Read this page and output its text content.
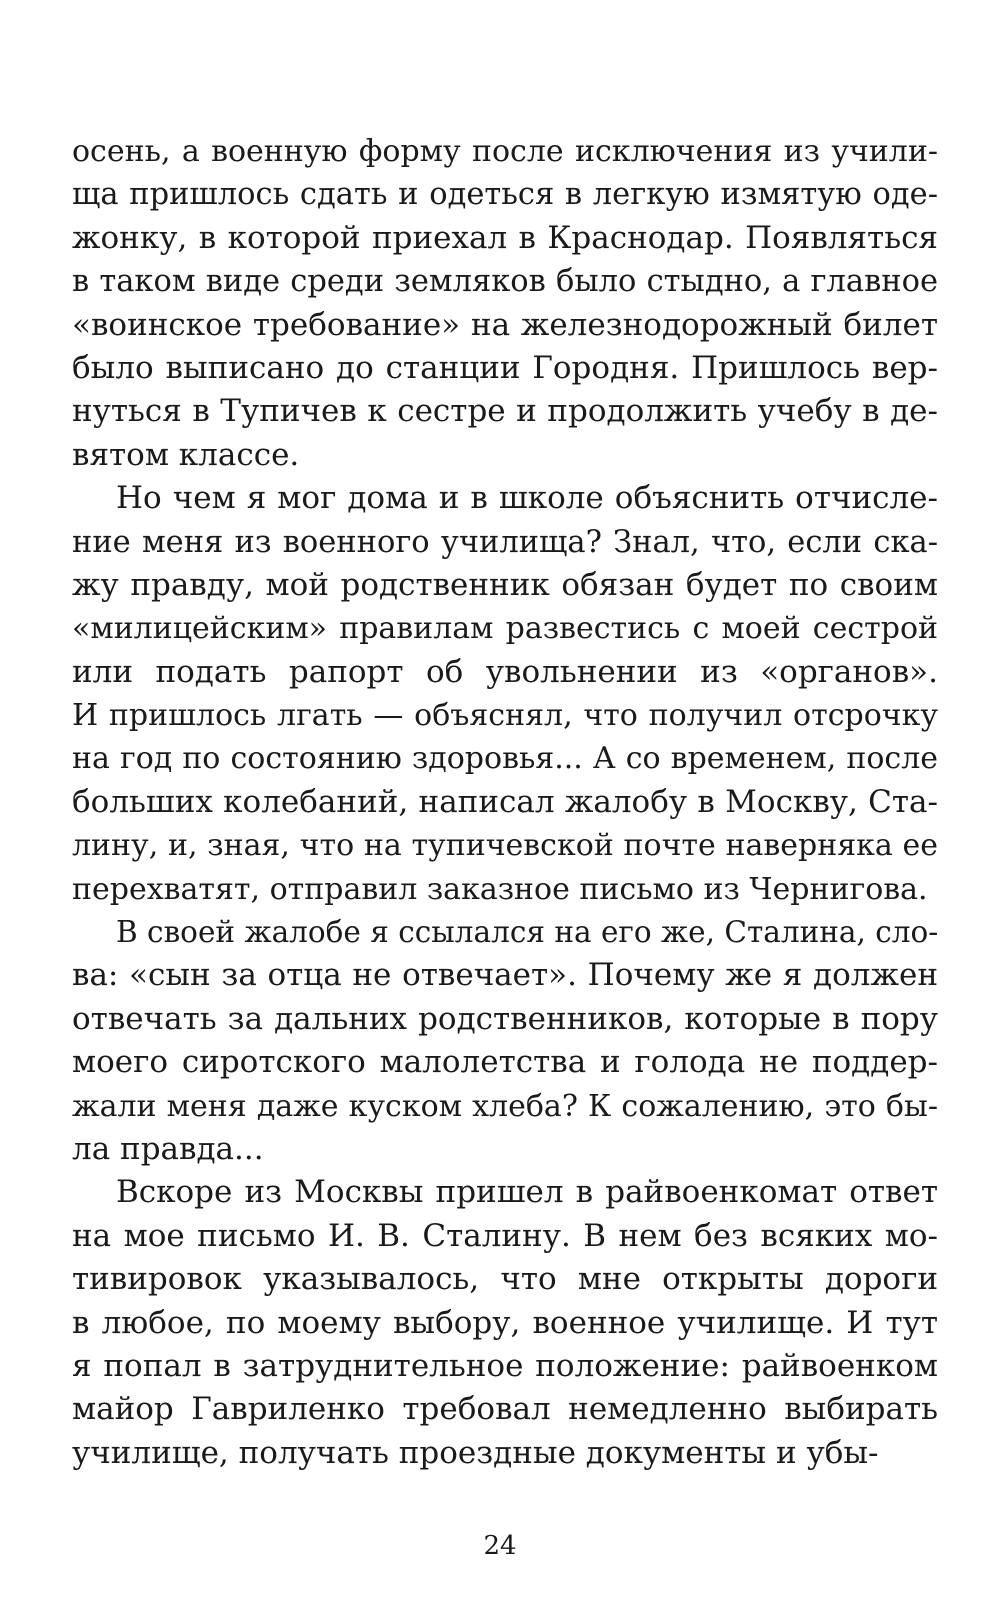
осень, а военную форму после исключения из учили-
ща пришлось сдать и одеться в легкую измятую оде-
жонку, в которой приехал в Краснодар. Появляться
в таком виде среди земляков было стыдно, а главное
«воинское требование» на железнодорожный билет
было выписано до станции Городня. Пришлось вер-
нуться в Тупичев к сестре и продолжить учебу в де-
вятом классе.
Но чем я мог дома и в школе объяснить отчисле-
ние меня из военного училища? Знал, что, если ска-
жу правду, мой родственник обязан будет по своим
«милицейским» правилам развестись с моей сестрой
или подать рапорт об увольнении из «органов».
И пришлось лгать — объяснял, что получил отсрочку
на год по состоянию здоровья... А со временем, после
больших колебаний, написал жалобу в Москву, Ста-
лину, и, зная, что на тупичевской почте наверняка ее
перехватят, отправил заказное письмо из Чернигова.
В своей жалобе я ссылался на его же, Сталина, сло-
ва: «сын за отца не отвечает». Почему же я должен
отвечать за дальних родственников, которые в пору
моего сиротского малолетства и голода не поддер-
жали меня даже куском хлеба? К сожалению, это бы-
ла правда...
Вскоре из Москвы пришел в райвоенкомат ответ
на мое письмо И. В. Сталину. В нем без всяких мо-
тивировок указывалось, что мне открыты дороги
в любое, по моему выбору, военное училище. И тут
я попал в затруднительное положение: райвоенком
майор Гавриленко требовал немедленно выбирать
училище, получать проездные документы и убы-
24
